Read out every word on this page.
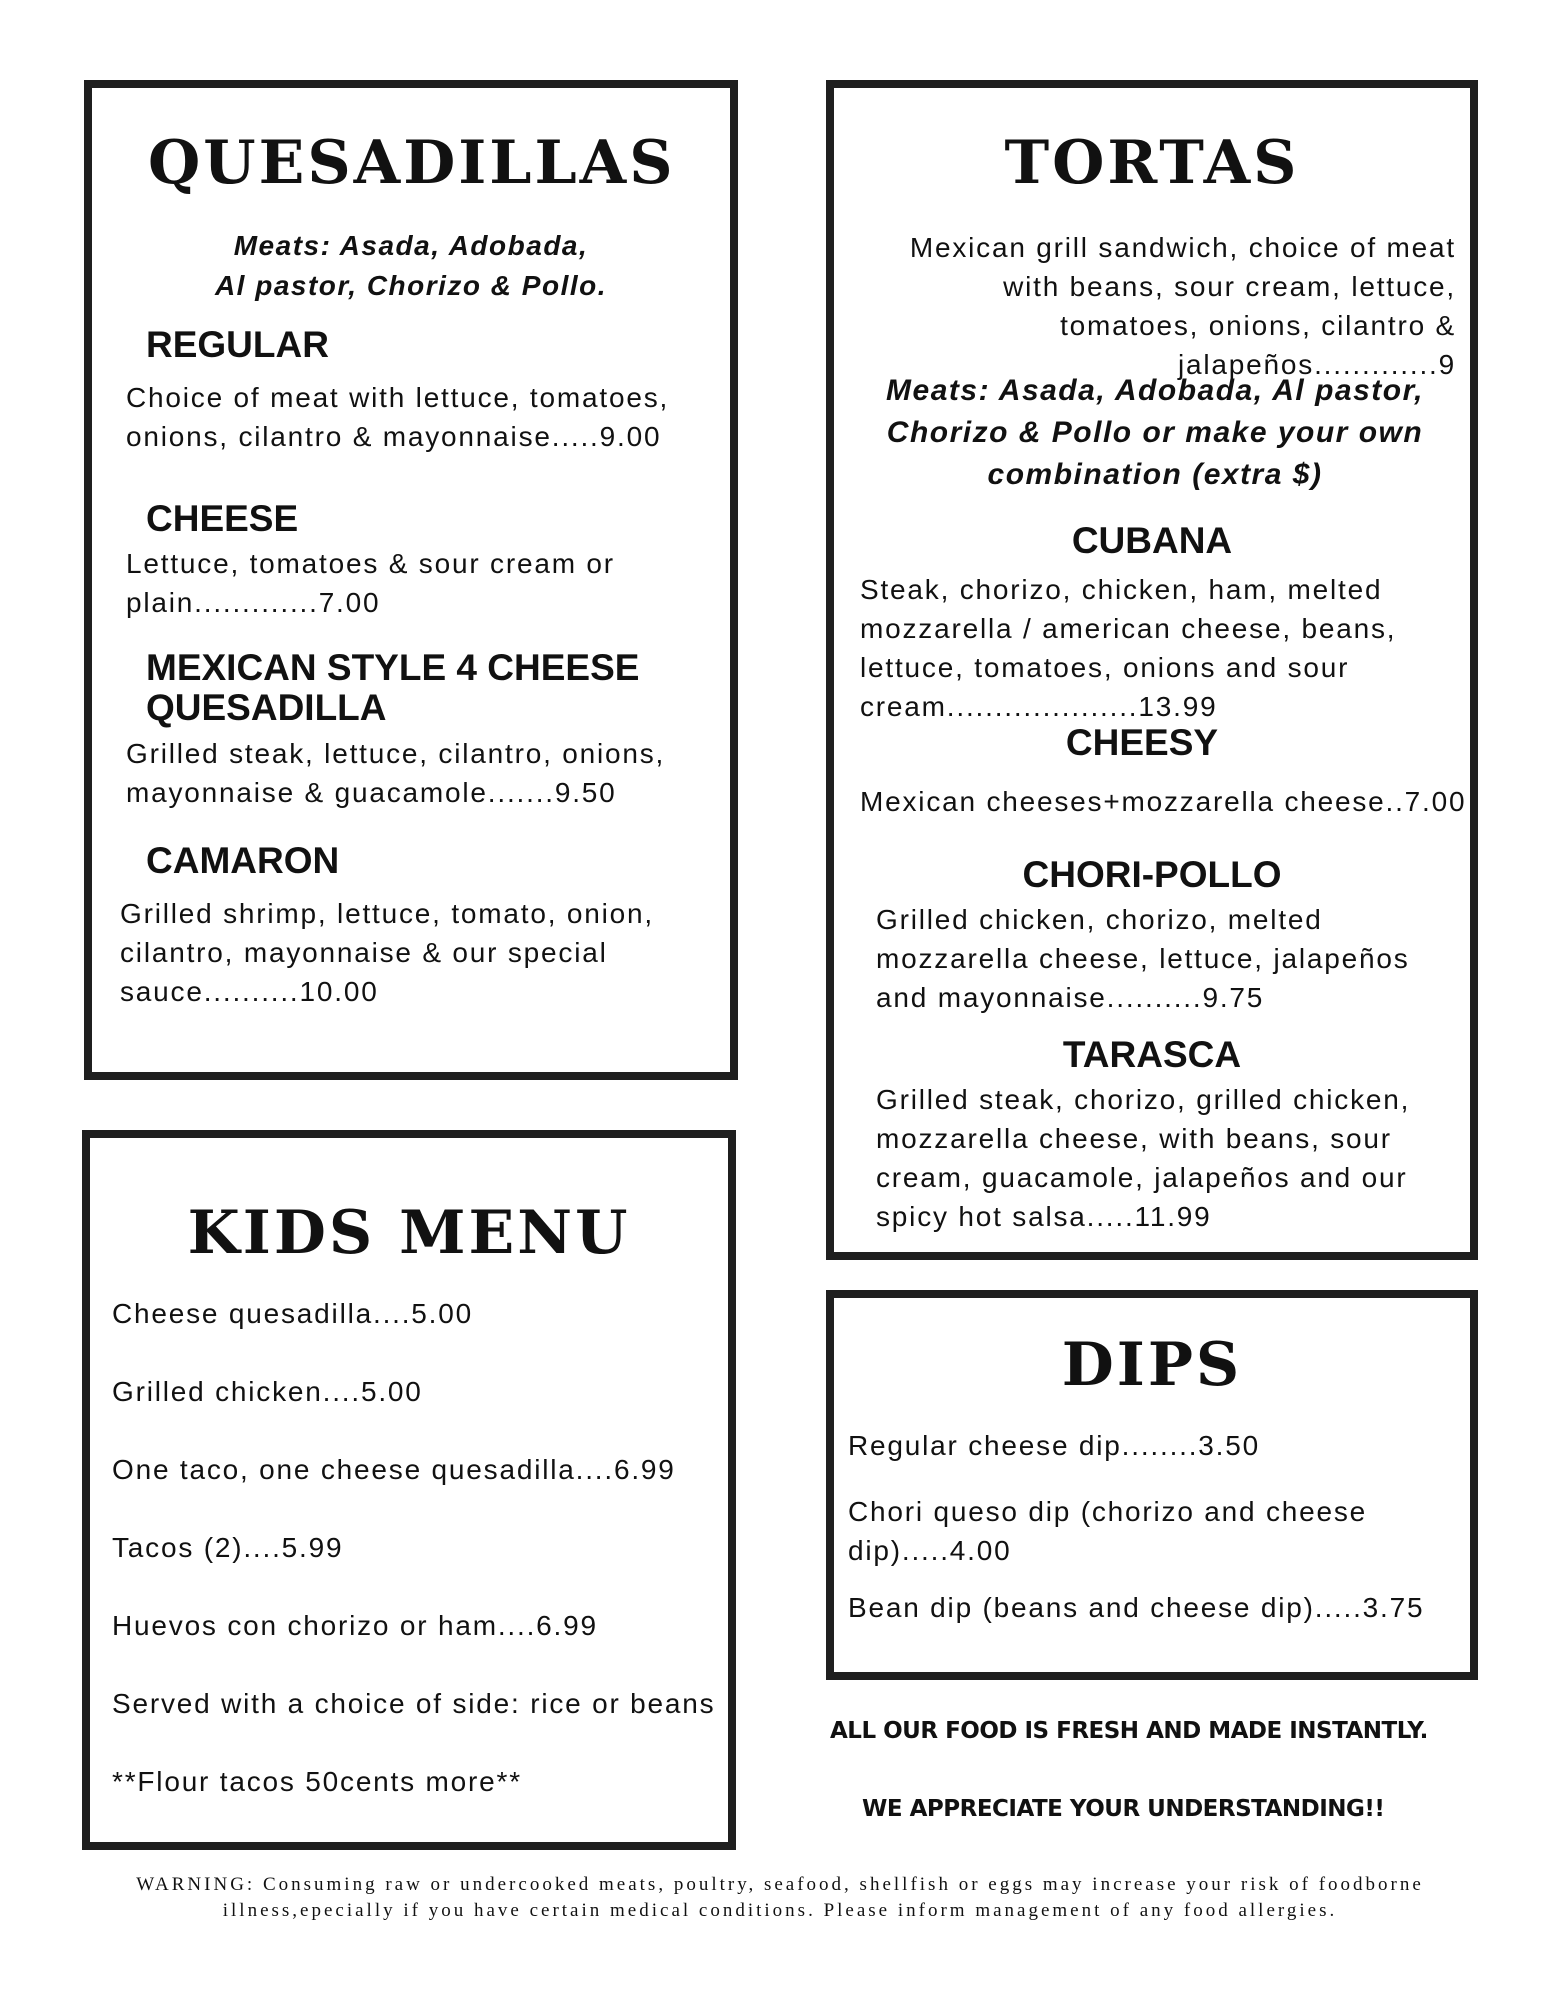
QUESADILLAS

Meats: Asada, Adobada,

Al pastor, Chorizo & Pollo.

REGULAR

Choice of meat with lettuce, tomatoes, onions, cilantro & mayonnaise.....9.00

CHEESE

Lettuce, tomatoes & sour cream or plain.............7.00

MEXICAN STYLE 4 CHEESE QUESADILLA

Grilled steak, lettuce, cilantro, onions, mayonnaise & guacamole.......9.50

CAMARON

Grilled shrimp, lettuce, tomato, onion, cilantro, mayonnaise & our special sauce..........10.00

TORTAS

Mexican grill sandwich, choice of meat with beans, sour cream, lettuce, tomatoes, onions, cilantro & jalapeños.............9

Meats: Asada, Adobada, Al pastor, Chorizo & Pollo or make your own combination (extra $)

CUBANA

Steak, chorizo, chicken, ham, melted mozzarella / american cheese, beans, lettuce, tomatoes, onions and sour cream....................13.99

CHEESY

Mexican cheeses+mozzarella cheese..7.00

CHORI-POLLO

Grilled chicken, chorizo, melted mozzarella cheese, lettuce, jalapeños and mayonnaise..........9.75

TARASCA

Grilled steak, chorizo, grilled chicken, mozzarella cheese, with beans, sour cream, guacamole, jalapeños and our spicy hot salsa.....11.99

KIDS MENU

Cheese quesadilla....5.00

Grilled chicken....5.00

One taco, one cheese quesadilla....6.99

Tacos (2)....5.99

Huevos con chorizo or ham....6.99

Served with a choice of side: rice or beans

**Flour tacos 50cents more**

DIPS

Regular cheese dip........3.50

Chori queso dip (chorizo and cheese dip).....4.00

Bean dip (beans and cheese dip).....3.75

ALL OUR FOOD IS FRESH AND MADE INSTANTLY.

WE APPRECIATE YOUR UNDERSTANDING!!

WARNING: Consuming raw or undercooked meats, poultry, seafood, shellfish or eggs may increase your risk of foodborne illness,epecially if you have certain medical conditions. Please inform management of any food allergies.
